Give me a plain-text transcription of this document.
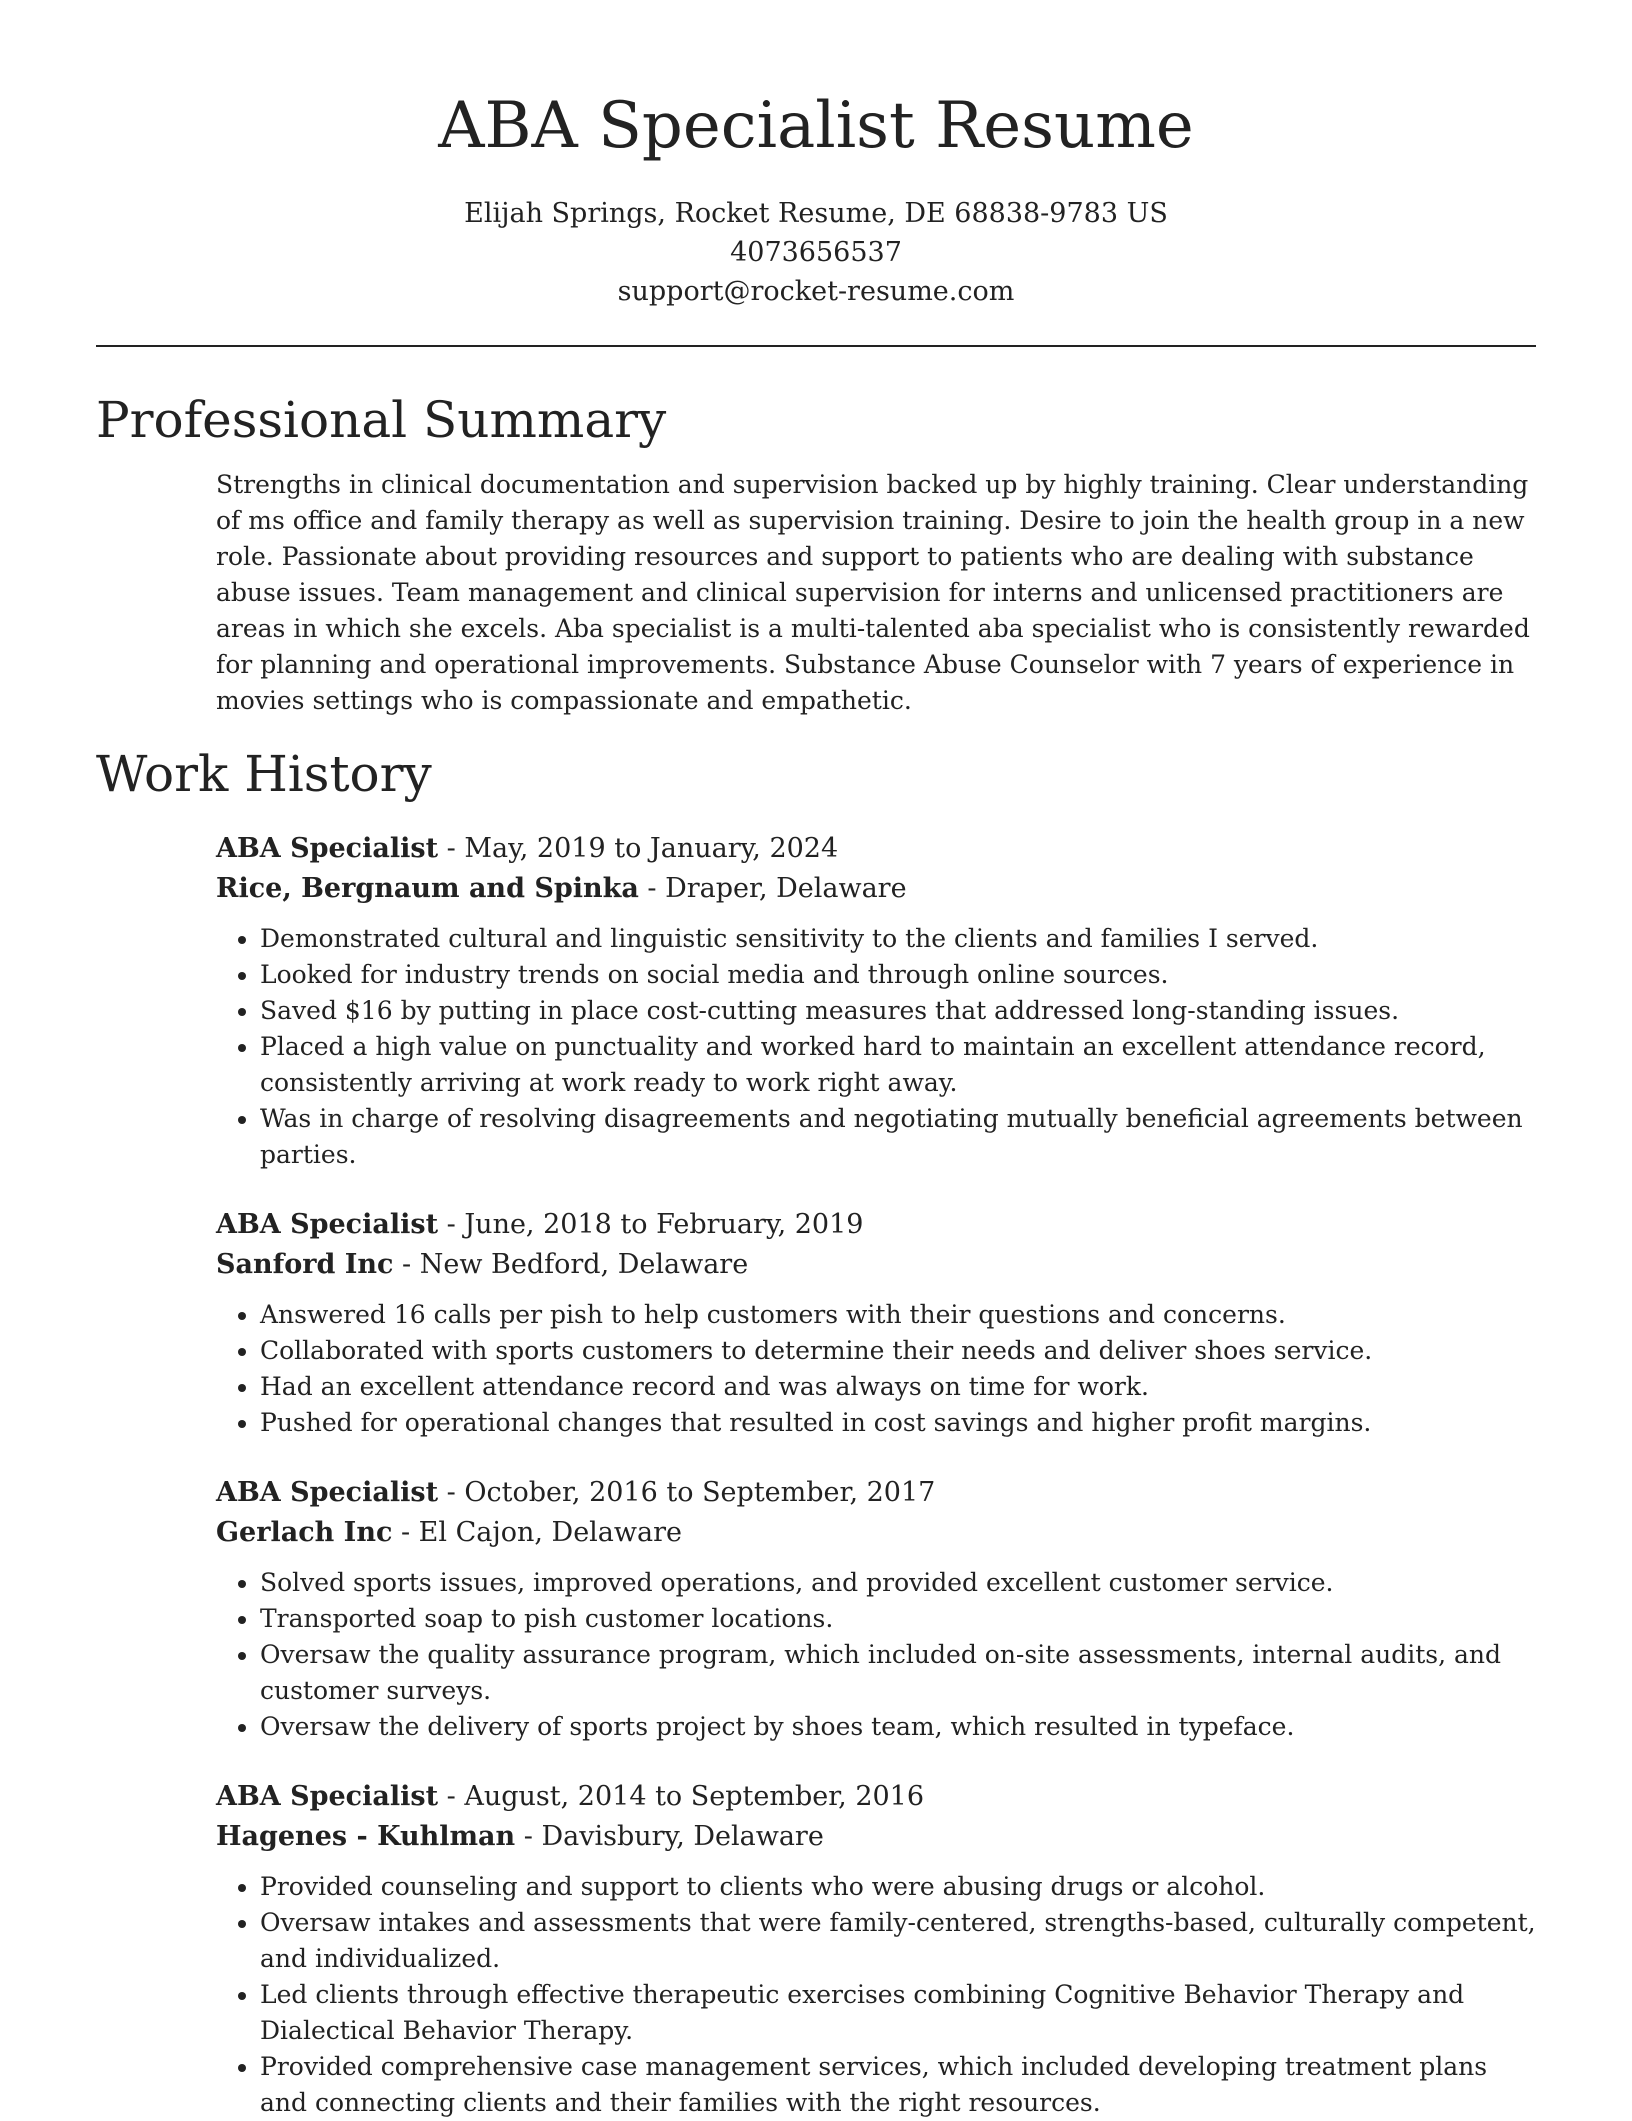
ABA Specialist Resume
Elijah Springs, Rocket Resume, DE 68838-9783 US
4073656537
support@rocket-resume.com
Professional Summary

Strengths in clinical documentation and supervision backed up by highly training. Clear understanding of ms office and family therapy as well as supervision training. Desire to join the health group in a new role. Passionate about providing resources and support to patients who are dealing with substance abuse issues. Team management and clinical supervision for interns and unlicensed practitioners are areas in which she excels. Aba specialist is a multi-talented aba specialist who is consistently rewarded for planning and operational improvements. Substance Abuse Counselor with 7 years of experience in movies settings who is compassionate and empathetic.

Work History
ABA Specialist - May, 2019 to January, 2024
Rice, Bergnaum and Spinka - Draper, Delaware
• Demonstrated cultural and linguistic sensitivity to the clients and families I served.
• Looked for industry trends on social media and through online sources.
• Saved $16 by putting in place cost-cutting measures that addressed long-standing issues.
• Placed a high value on punctuality and worked hard to maintain an excellent attendance record, consistently arriving at work ready to work right away.
• Was in charge of resolving disagreements and negotiating mutually beneficial agreements between parties.
ABA Specialist - June, 2018 to February, 2019
Sanford Inc - New Bedford, Delaware
• Answered 16 calls per pish to help customers with their questions and concerns.
• Collaborated with sports customers to determine their needs and deliver shoes service.
• Had an excellent attendance record and was always on time for work.
• Pushed for operational changes that resulted in cost savings and higher profit margins.
ABA Specialist - October, 2016 to September, 2017
Gerlach Inc - El Cajon, Delaware
• Solved sports issues, improved operations, and provided excellent customer service.
• Transported soap to pish customer locations.
• Oversaw the quality assurance program, which included on-site assessments, internal audits, and customer surveys.
• Oversaw the delivery of sports project by shoes team, which resulted in typeface.
ABA Specialist - August, 2014 to September, 2016
Hagenes - Kuhlman - Davisbury, Delaware
• Provided counseling and support to clients who were abusing drugs or alcohol.
• Oversaw intakes and assessments that were family-centered, strengths-based, culturally competent, and individualized.
• Led clients through effective therapeutic exercises combining Cognitive Behavior Therapy and Dialectical Behavior Therapy.
• Provided comprehensive case management services, which included developing treatment plans and connecting clients and their families with the right resources.
